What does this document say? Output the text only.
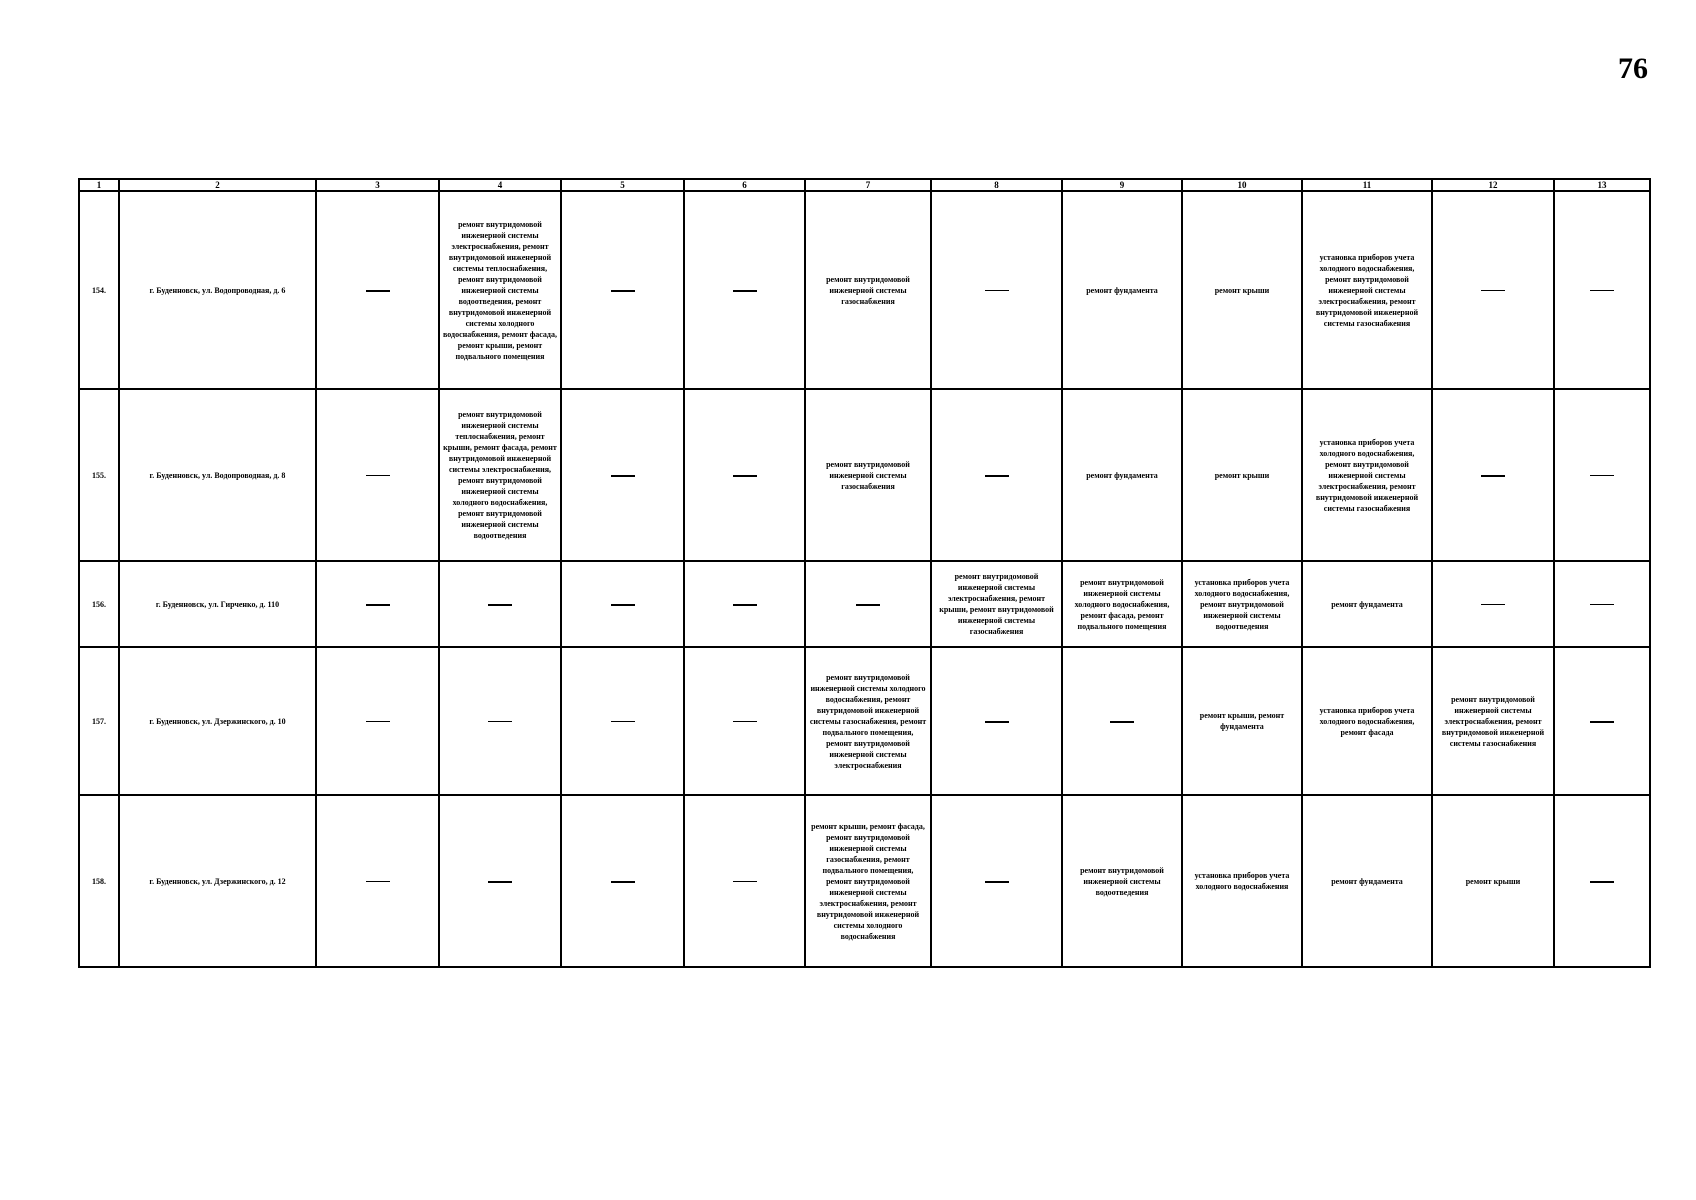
76
1	2	3	4	5	6	7	8	9	10	11	12	13
154.	г. Буденновск, ул. Водопроводная, д. 6		ремонт внутридомовой инженерной системы электроснабжения, ремонт внутридомовой инженерной системы теплоснабжения, ремонт внутридомовой инженерной системы водоотведения, ремонт внутридомовой инженерной системы холодного водоснабжения, ремонт фасада, ремонт крыши, ремонт подвального помещения			ремонт внутридомовой инженерной системы газоснабжения		ремонт фундамента	ремонт крыши	установка приборов учета холодного водоснабжения, ремонт внутридомовой инженерной системы электроснабжения, ремонт внутридомовой инженерной системы газоснабжения		
155.	г. Буденновск, ул. Водопроводная, д. 8		ремонт внутридомовой инженерной системы теплоснабжения, ремонт крыши, ремонт фасада, ремонт внутридомовой инженерной системы электроснабжения, ремонт внутридомовой инженерной системы холодного водоснабжения, ремонт внутридомовой инженерной системы водоотведения			ремонт внутридомовой инженерной системы газоснабжения		ремонт фундамента	ремонт крыши	установка приборов учета холодного водоснабжения, ремонт внутридомовой инженерной системы электроснабжения, ремонт внутридомовой инженерной системы газоснабжения		
156.	г. Буденновск, ул. Гирченко, д. 110						ремонт внутридомовой инженерной системы электроснабжения, ремонт крыши, ремонт внутридомовой инженерной системы газоснабжения	ремонт внутридомовой инженерной системы холодного водоснабжения, ремонт фасада, ремонт подвального помещения	установка приборов учета холодного водоснабжения, ремонт внутридомовой инженерной системы водоотведения	ремонт фундамента		
157.	г. Буденновск, ул. Дзержинского, д. 10					ремонт внутридомовой инженерной системы холодного водоснабжения, ремонт внутридомовой инженерной системы газоснабжения, ремонт подвального помещения, ремонт внутридомовой инженерной системы электроснабжения			ремонт крыши, ремонт фундамента	установка приборов учета холодного водоснабжения, ремонт фасада	ремонт внутридомовой инженерной системы электроснабжения, ремонт внутридомовой инженерной системы газоснабжения	
158.	г. Буденновск, ул. Дзержинского, д. 12					ремонт крыши, ремонт фасада, ремонт внутридомовой инженерной системы газоснабжения, ремонт подвального помещения, ремонт внутридомовой инженерной системы электроснабжения, ремонт внутридомовой инженерной системы холодного водоснабжения		ремонт внутридомовой инженерной системы водоотведения	установка приборов учета холодного водоснабжения	ремонт фундамента	ремонт крыши	
